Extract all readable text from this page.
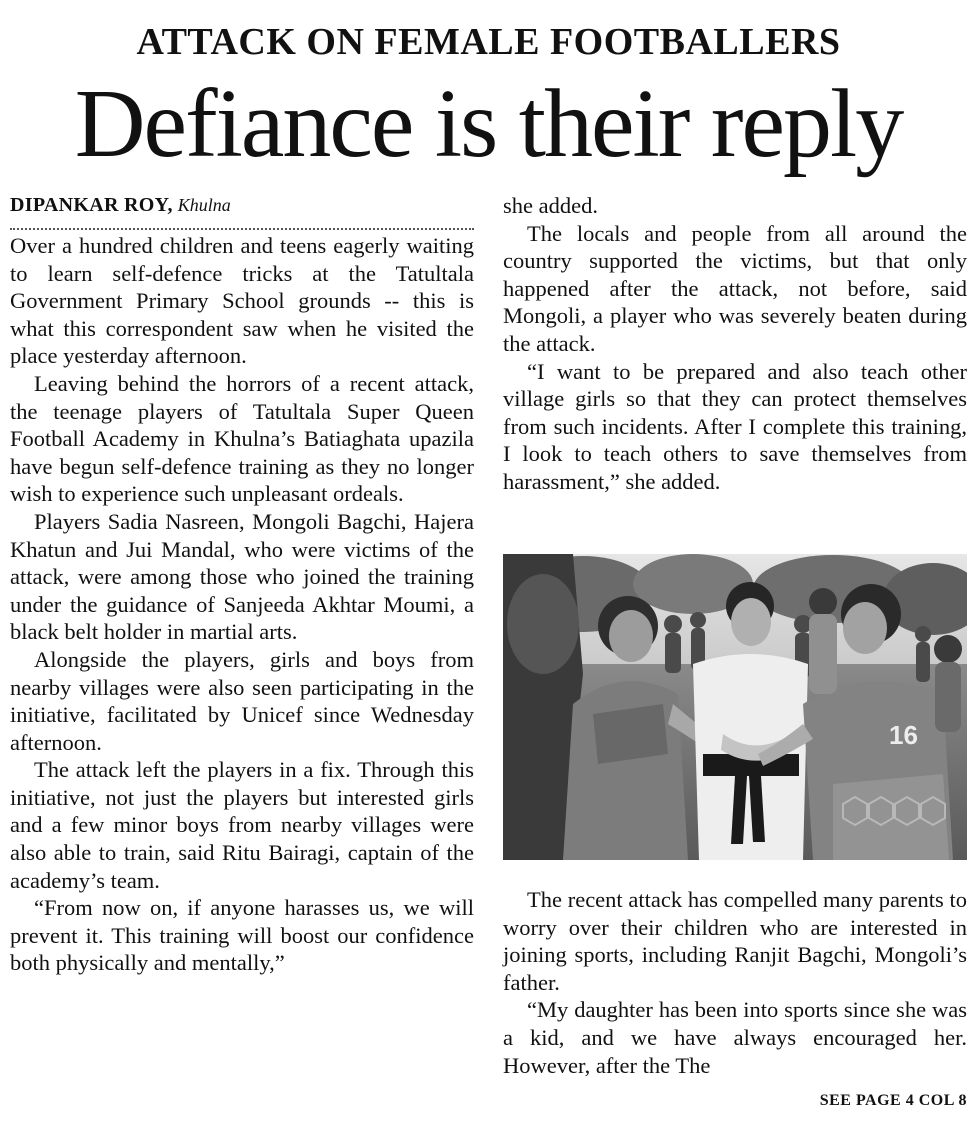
ATTACK ON FEMALE FOOTBALLERS
Defiance is their reply
DIPANKAR ROY, Khulna

Over a hundred children and teens eagerly waiting to learn self-defence tricks at the Tatultala Government Primary School grounds -- this is what this correspondent saw when he visited the place yesterday afternoon.

Leaving behind the horrors of a recent attack, the teenage players of Tatultala Super Queen Football Academy in Khulna’s Batiaghata upazila have begun self-defence training as they no longer wish to experience such unpleasant ordeals.

Players Sadia Nasreen, Mongoli Bagchi, Hajera Khatun and Jui Mandal, who were victims of the attack, were among those who joined the training under the guidance of Sanjeeda Akhtar Moumi, a black belt holder in martial arts.

Alongside the players, girls and boys from nearby villages were also seen participating in the initiative, facilitated by Unicef since Wednesday afternoon.

The attack left the players in a fix. Through this initiative, not just the players but interested girls and a few minor boys from nearby villages were also able to train, said Ritu Bairagi, captain of the academy’s team.

“From now on, if anyone harasses us, we will prevent it. This training will boost our confidence both physically and mentally,”

she added.

The locals and people from all around the country supported the victims, but that only happened after the attack, not before, said Mongoli, a player who was severely beaten during the attack.

“I want to be prepared and also teach other village girls so that they can protect themselves from such incidents. After I complete this training, I look to teach others to save themselves from harassment,” she added.

16

The recent attack has compelled many parents to worry over their children who are interested in joining sports, including Ranjit Bagchi, Mongoli’s father.

“My daughter has been into sports since she was a kid, and we have always encouraged her. However, after the The

SEE PAGE 4 COL 8
